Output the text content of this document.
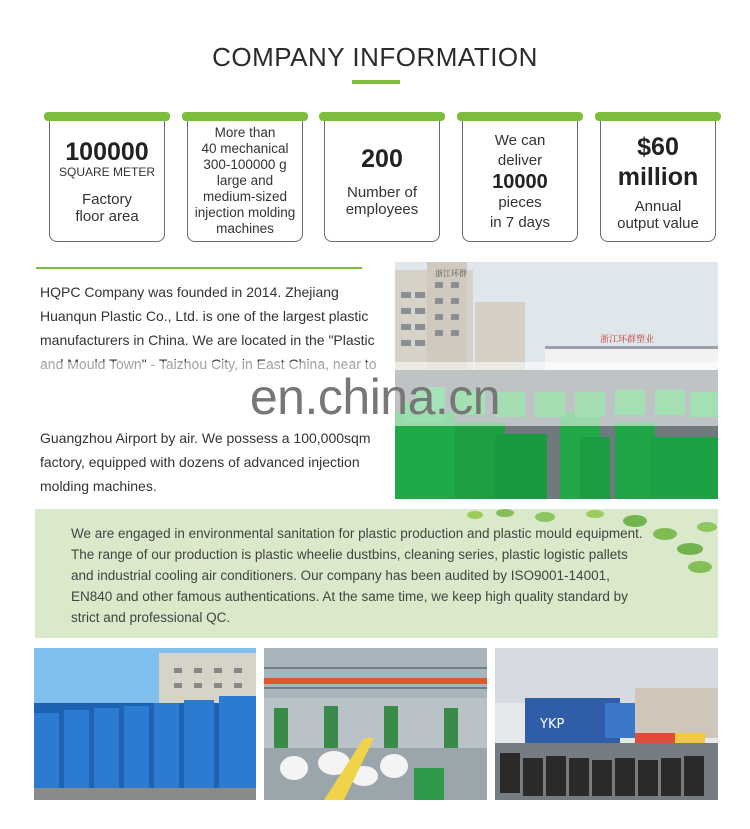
COMPANY INFORMATION
100000
SQUARE METER
Factory
floor area
More than
40 mechanical
300-100000 g
large and
medium-sized
injection molding
machines
200
Number of
employees
We can
deliver
10000
pieces
in 7 days
$60
million
Annual
output value

HQPC Company was founded in 2014. Zhejiang

Huanqun Plastic Co., Ltd. is one of the largest plastic

manufacturers in China. We are located in the "Plastic

浙江环群
浙江环群塑业
en.china.cn

Guangzhou Airport by air. We possess a 100,000sqm

factory, equipped with dozens of advanced injection

molding machines.

We are engaged in environmental sanitation for plastic production and plastic mould equipment.
The range of our production is plastic wheelie dustbins, cleaning series, plastic logistic pallets
and industrial cooling air conditioners. Our company has been audited by ISO9001-14001,
EN840 and other famous authentications. At the same time, we keep high quality standard by
strict and professional QC.
YKP
